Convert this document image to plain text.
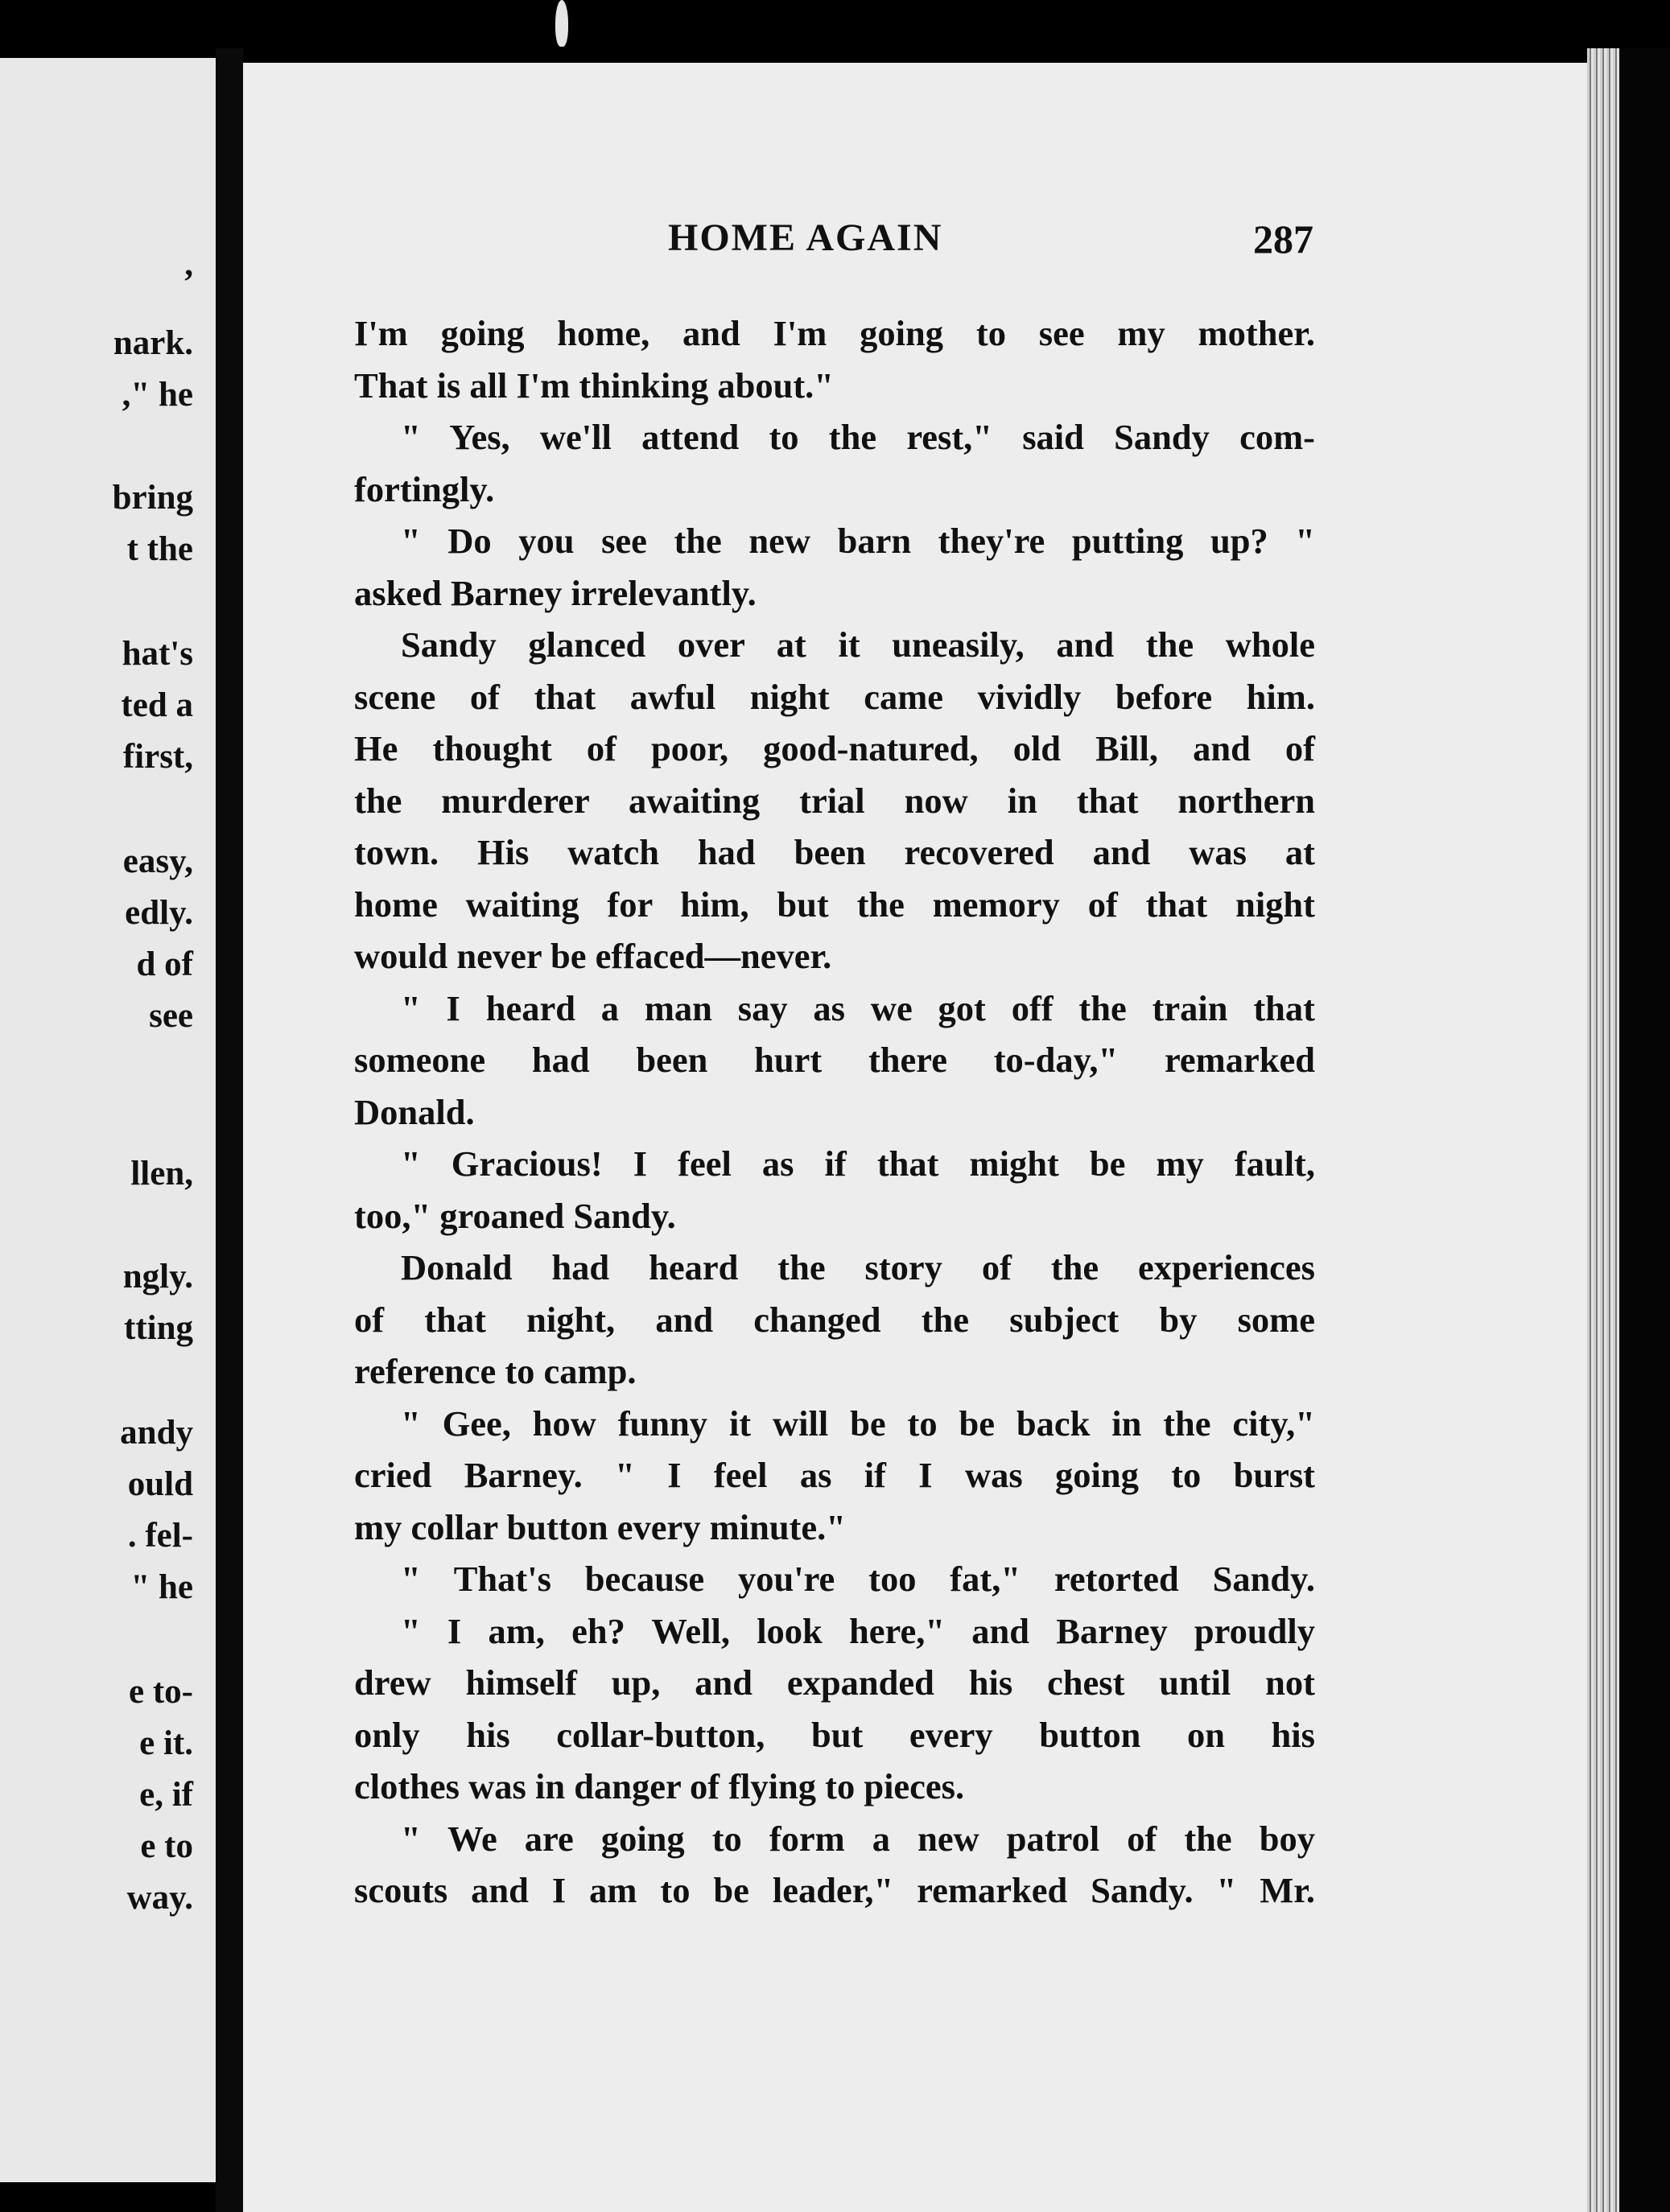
,
nark.
," he
bring
t the
hat's
ted a
first,
easy,
edly.
d of
see
llen,
ngly.
tting
andy
ould
. fel-
" he
e to-
e it.
e, if
e to
way.
HOME AGAIN	287
I'm going home, and I'm going to see my mother.
That is all I'm thinking about."
" Yes, we'll attend to the rest," said Sandy com-
fortingly.
" Do you see the new barn they're putting up? "
asked Barney irrelevantly.
Sandy glanced over at it uneasily, and the whole
scene of that awful night came vividly before him.
He thought of poor, good-natured, old Bill, and of
the murderer awaiting trial now in that northern
town. His watch had been recovered and was at
home waiting for him, but the memory of that night
would never be effaced—never.
" I heard a man say as we got off the train that
someone had been hurt there to-day," remarked
Donald.
" Gracious! I feel as if that might be my fault,
too," groaned Sandy.
Donald had heard the story of the experiences
of that night, and changed the subject by some
reference to camp.
" Gee, how funny it will be to be back in the city,"
cried Barney. " I feel as if I was going to burst
my collar button every minute."
" That's because you're too fat," retorted Sandy.
" I am, eh? Well, look here," and Barney proudly
drew himself up, and expanded his chest until not
only his collar-button, but every button on his
clothes was in danger of flying to pieces.
" We are going to form a new patrol of the boy
scouts and I am to be leader," remarked Sandy. " Mr.
